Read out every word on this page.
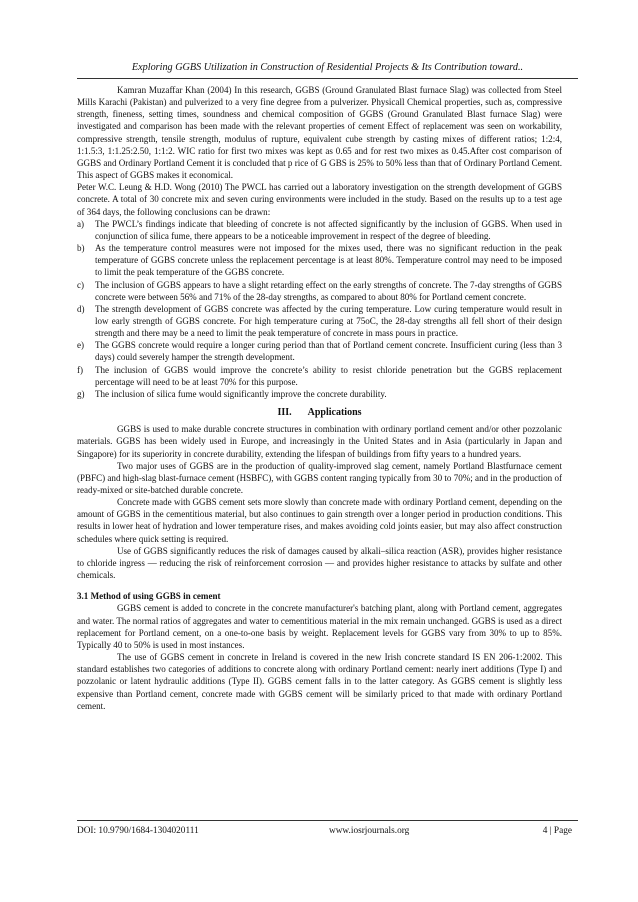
Exploring GGBS Utilization in Construction of Residential Projects & Its Contribution toward..

Kamran Muzaffar Khan (2004) In this research, GGBS (Ground Granulated Blast furnace Slag) was collected from Steel Mills Karachi (Pakistan) and pulverized to a very fine degree from a pulverizer. Physicall Chemical properties, such as, compressive strength, fineness, setting times, soundness and chemical composition of GGBS (Ground Granulated Blast furnace Slag) were investigated and comparison has been made with the relevant properties of cement Effect of replacement was seen on workability, compressive strength, tensile strength, modulus of rupture, equivalent cube strength by casting mixes of different ratios; 1:2:4, 1:1.5:3, 1:1.25:2.50, 1:1:2. WIC ratio for first two mixes was kept as 0.65 and for rest two mixes as 0.45.After cost comparison of GGBS and Ordinary Portland Cement it is concluded that p rice of G GBS is 25% to 50% less than that of Ordinary Portland Cement. This aspect of GGBS makes it economical.

Peter W.C. Leung & H.D. Wong (2010) The PWCL has carried out a laboratory investigation on the strength development of GGBS concrete. A total of 30 concrete mix and seven curing environments were included in the study. Based on the results up to a test age of 364 days, the following conclusions can be drawn:

a) The PWCL’s findings indicate that bleeding of concrete is not affected significantly by the inclusion of GGBS. When used in conjunction of silica fume, there appears to be a noticeable improvement in respect of the degree of bleeding.
b) As the temperature control measures were not imposed for the mixes used, there was no significant reduction in the peak temperature of GGBS concrete unless the replacement percentage is at least 80%. Temperature control may need to be imposed to limit the peak temperature of the GGBS concrete.
c) The inclusion of GGBS appears to have a slight retarding effect on the early strengths of concrete. The 7-day strengths of GGBS concrete were between 56% and 71% of the 28-day strengths, as compared to about 80% for Portland cement concrete.
d) The strength development of GGBS concrete was affected by the curing temperature. Low curing temperature would result in low early strength of GGBS concrete. For high temperature curing at 75oC, the 28-day strengths all fell short of their design strength and there may be a need to limit the peak temperature of concrete in mass pours in practice.
e) The GGBS concrete would require a longer curing period than that of Portland cement concrete. Insufficient curing (less than 3 days) could severely hamper the strength development.
f) The inclusion of GGBS would improve the concrete’s ability to resist chloride penetration but the GGBS replacement percentage will need to be at least 70% for this purpose.
g) The inclusion of silica fume would significantly improve the concrete durability.
III. Applications

GGBS is used to make durable concrete structures in combination with ordinary portland cement and/or other pozzolanic materials. GGBS has been widely used in Europe, and increasingly in the United States and in Asia (particularly in Japan and Singapore) for its superiority in concrete durability, extending the lifespan of buildings from fifty years to a hundred years.

Two major uses of GGBS are in the production of quality-improved slag cement, namely Portland Blastfurnace cement (PBFC) and high-slag blast-furnace cement (HSBFC), with GGBS content ranging typically from 30 to 70%; and in the production of ready-mixed or site-batched durable concrete.

Concrete made with GGBS cement sets more slowly than concrete made with ordinary Portland cement, depending on the amount of GGBS in the cementitious material, but also continues to gain strength over a longer period in production conditions. This results in lower heat of hydration and lower temperature rises, and makes avoiding cold joints easier, but may also affect construction schedules where quick setting is required.

Use of GGBS significantly reduces the risk of damages caused by alkali–silica reaction (ASR), provides higher resistance to chloride ingress — reducing the risk of reinforcement corrosion — and provides higher resistance to attacks by sulfate and other chemicals.

3.1 Method of using GGBS in cement

GGBS cement is added to concrete in the concrete manufacturer's batching plant, along with Portland cement, aggregates and water. The normal ratios of aggregates and water to cementitious material in the mix remain unchanged. GGBS is used as a direct replacement for Portland cement, on a one-to-one basis by weight. Replacement levels for GGBS vary from 30% to up to 85%. Typically 40 to 50% is used in most instances.

The use of GGBS cement in concrete in Ireland is covered in the new Irish concrete standard IS EN 206-1:2002. This standard establishes two categories of additions to concrete along with ordinary Portland cement: nearly inert additions (Type I) and pozzolanic or latent hydraulic additions (Type II). GGBS cement falls in to the latter category. As GGBS cement is slightly less expensive than Portland cement, concrete made with GGBS cement will be similarly priced to that made with ordinary Portland cement.

DOI: 10.9790/1684-1304020111	www.iosrjournals.org	4 | Page
